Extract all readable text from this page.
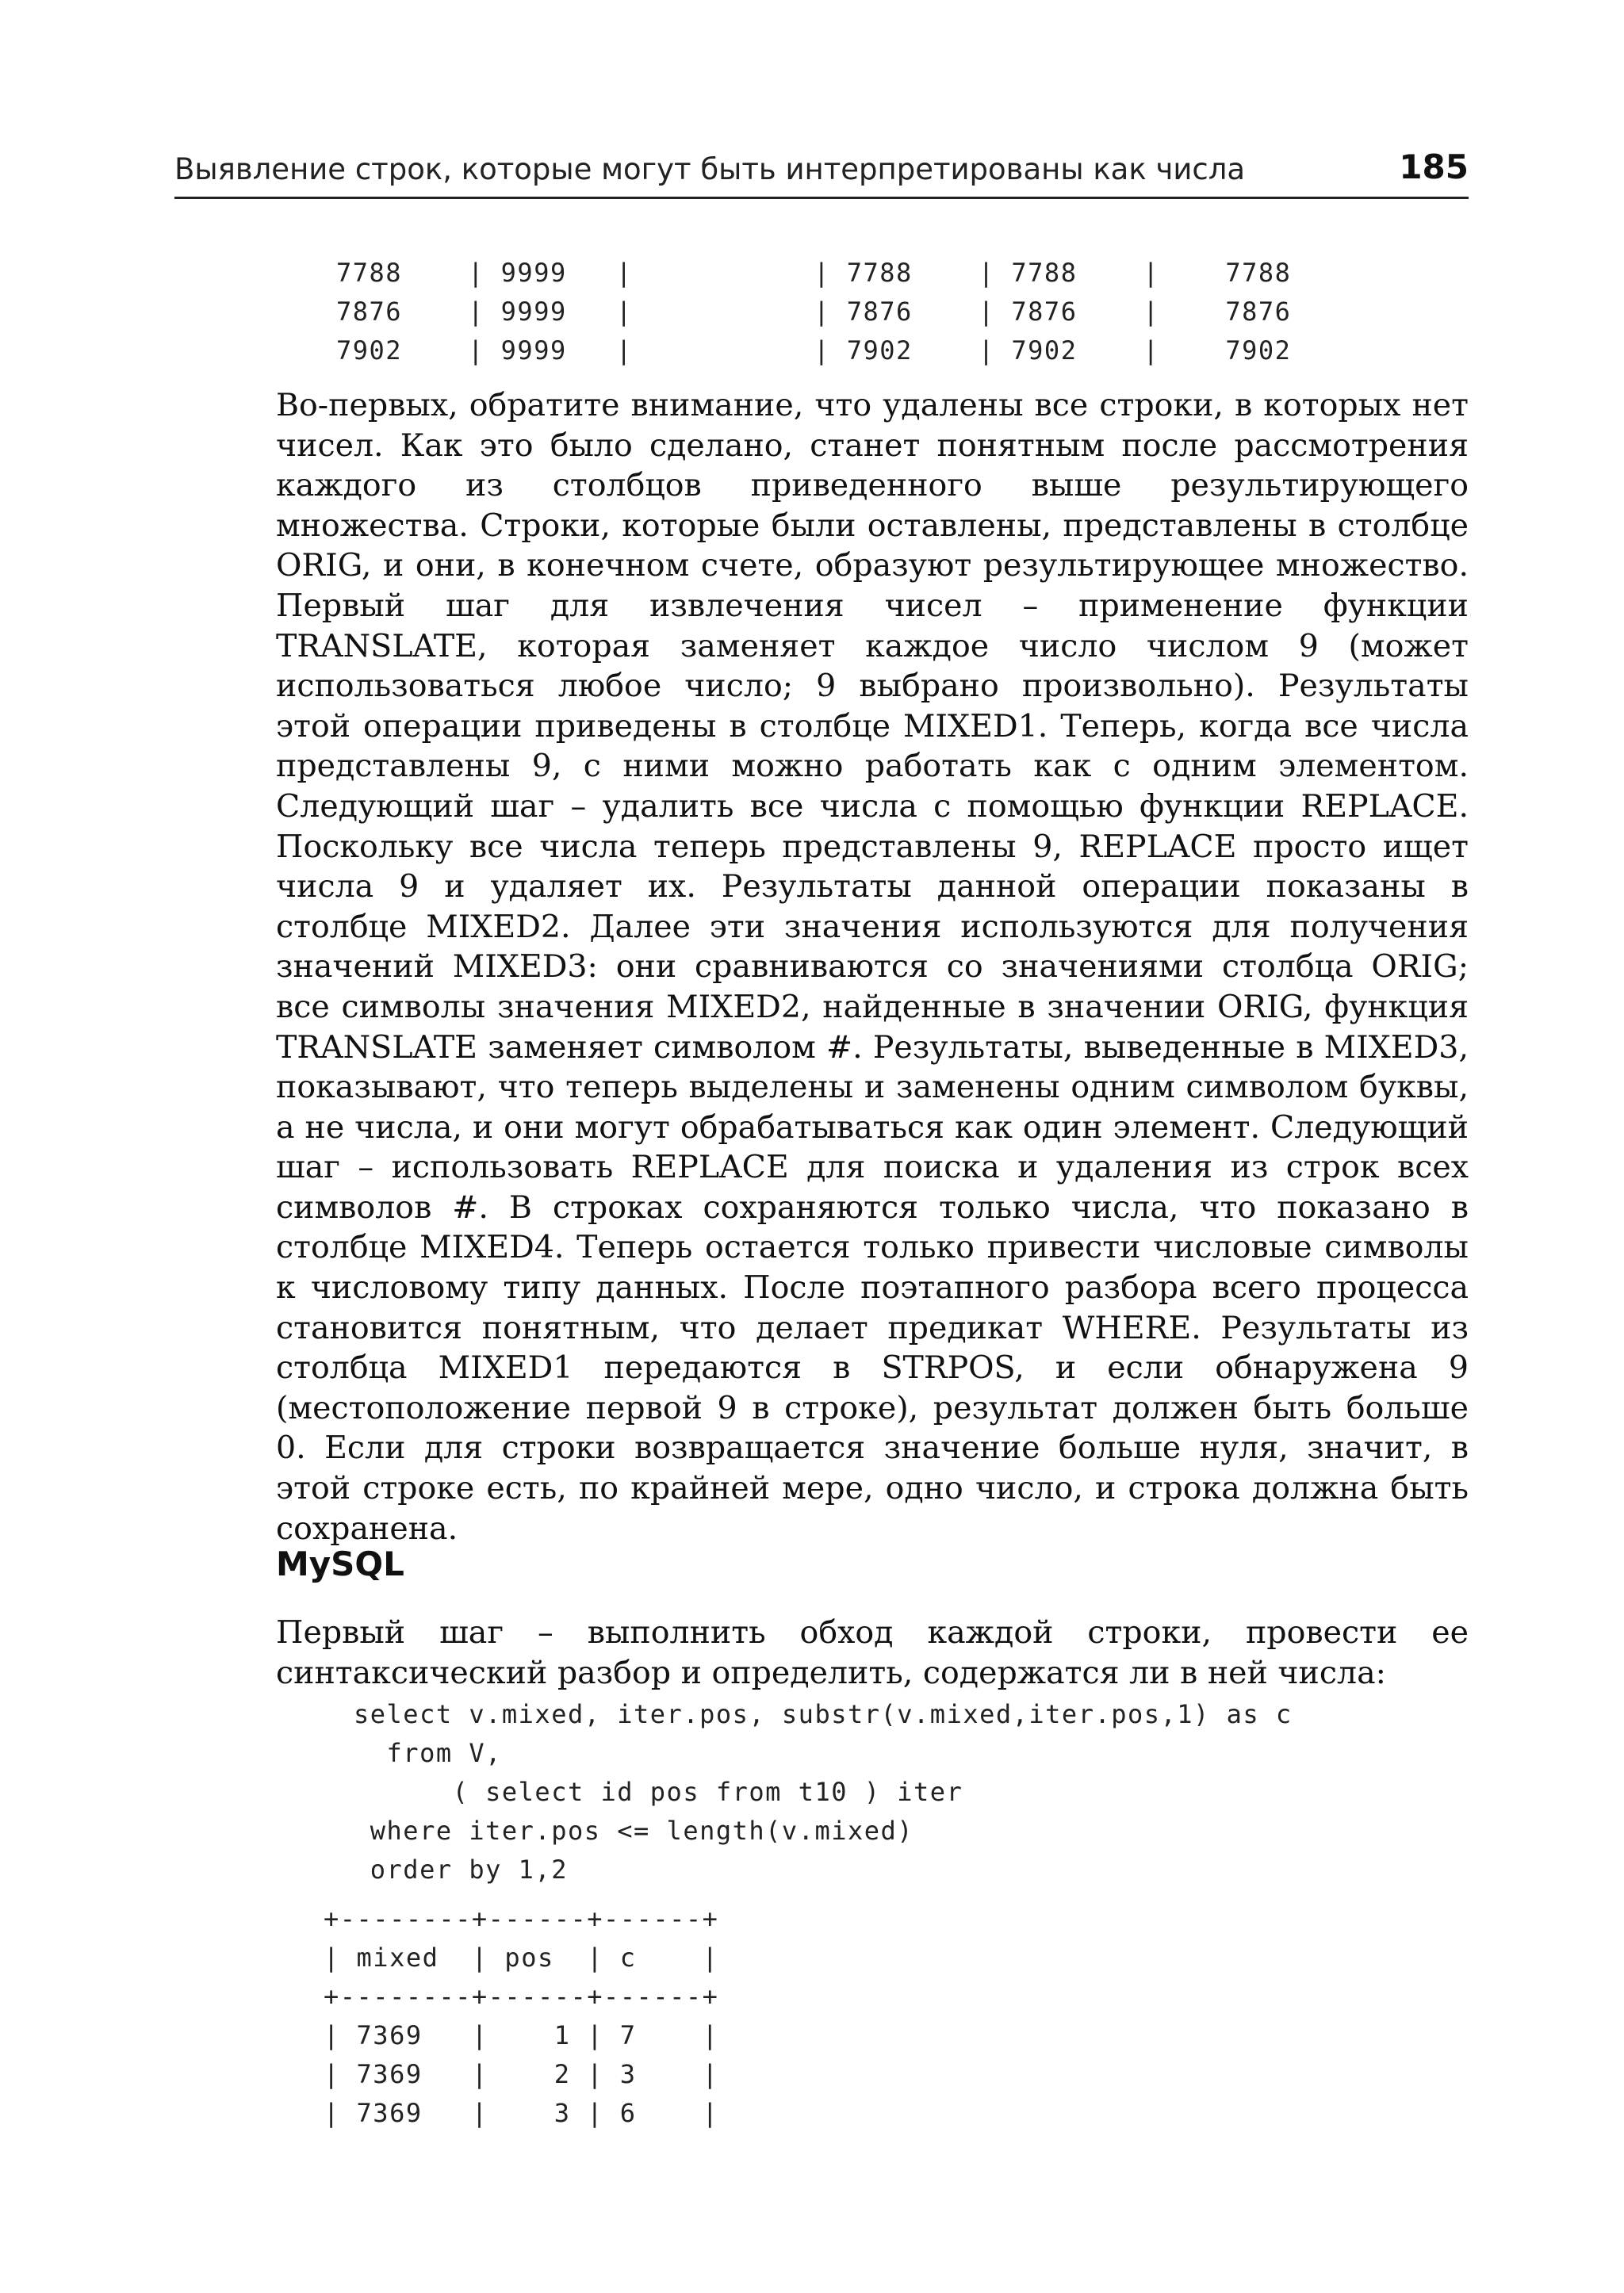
Выявление строк, которые могут быть интерпретированы как числа	185
7788    | 9999   |           | 7788    | 7788    |    7788
7876    | 9999   |           | 7876    | 7876    |    7876
7902    | 9999   |           | 7902    | 7902    |    7902

Во-первых, обратите внимание, что удалены все строки, в которых нет чисел. Как это было сделано, станет понятным после рассмотрения каждого из столбцов приведенного выше результирующего множества. Строки, которые были оставлены, представлены в столбце ORIG, и они, в конечном счете, образуют результирующее множество. Первый шаг для извлечения чисел – применение функции TRANSLATE, которая заменяет каждое число числом 9 (может использоваться любое число; 9 выбрано произвольно). Результаты этой операции приведены в столбце MIXED1. Теперь, когда все числа представлены 9, с ними можно работать как с одним элементом. Следующий шаг – удалить все числа с помощью функции REPLACE. Поскольку все числа теперь представлены 9, REPLACE просто ищет числа 9 и удаляет их. Результаты данной операции показаны в столбце MIXED2. Далее эти значения используются для получения значений MIXED3: они сравниваются со значениями столбца ORIG; все символы значения MIXED2, найденные в значении ORIG, функция TRANSLATE заменяет символом #. Результаты, выведенные в MIXED3, показывают, что теперь выделены и заменены одним символом буквы, а не числа, и они могут обрабатываться как один элемент. Следующий шаг – использовать REPLACE для поиска и удаления из строк всех символов #. В строках сохраняются только числа, что показано в столбце MIXED4. Теперь остается только привести числовые символы к числовому типу данных. После поэтапного разбора всего процесса становится понятным, что делает предикат WHERE. Результаты из столбца MIXED1 передаются в STRPOS, и если обнаружена 9 (местоположение первой 9 в строке), результат должен быть больше 0. Если для строки возвращается значение больше нуля, значит, в этой строке есть, по крайней мере, одно число, и строка должна быть сохранена.

MySQL

Первый шаг – выполнить обход каждой строки, провести ее синтаксический разбор и определить, содержатся ли в ней числа:

select v.mixed, iter.pos, substr(v.mixed,iter.pos,1) as c
from V,
( select id pos from t10 ) iter
where iter.pos <= length(v.mixed)
order by 1,2
+--------+------+------+
| mixed  | pos  | c    |
+--------+------+------+
| 7369   |    1 | 7    |
| 7369   |    2 | 3    |
| 7369   |    3 | 6    |
